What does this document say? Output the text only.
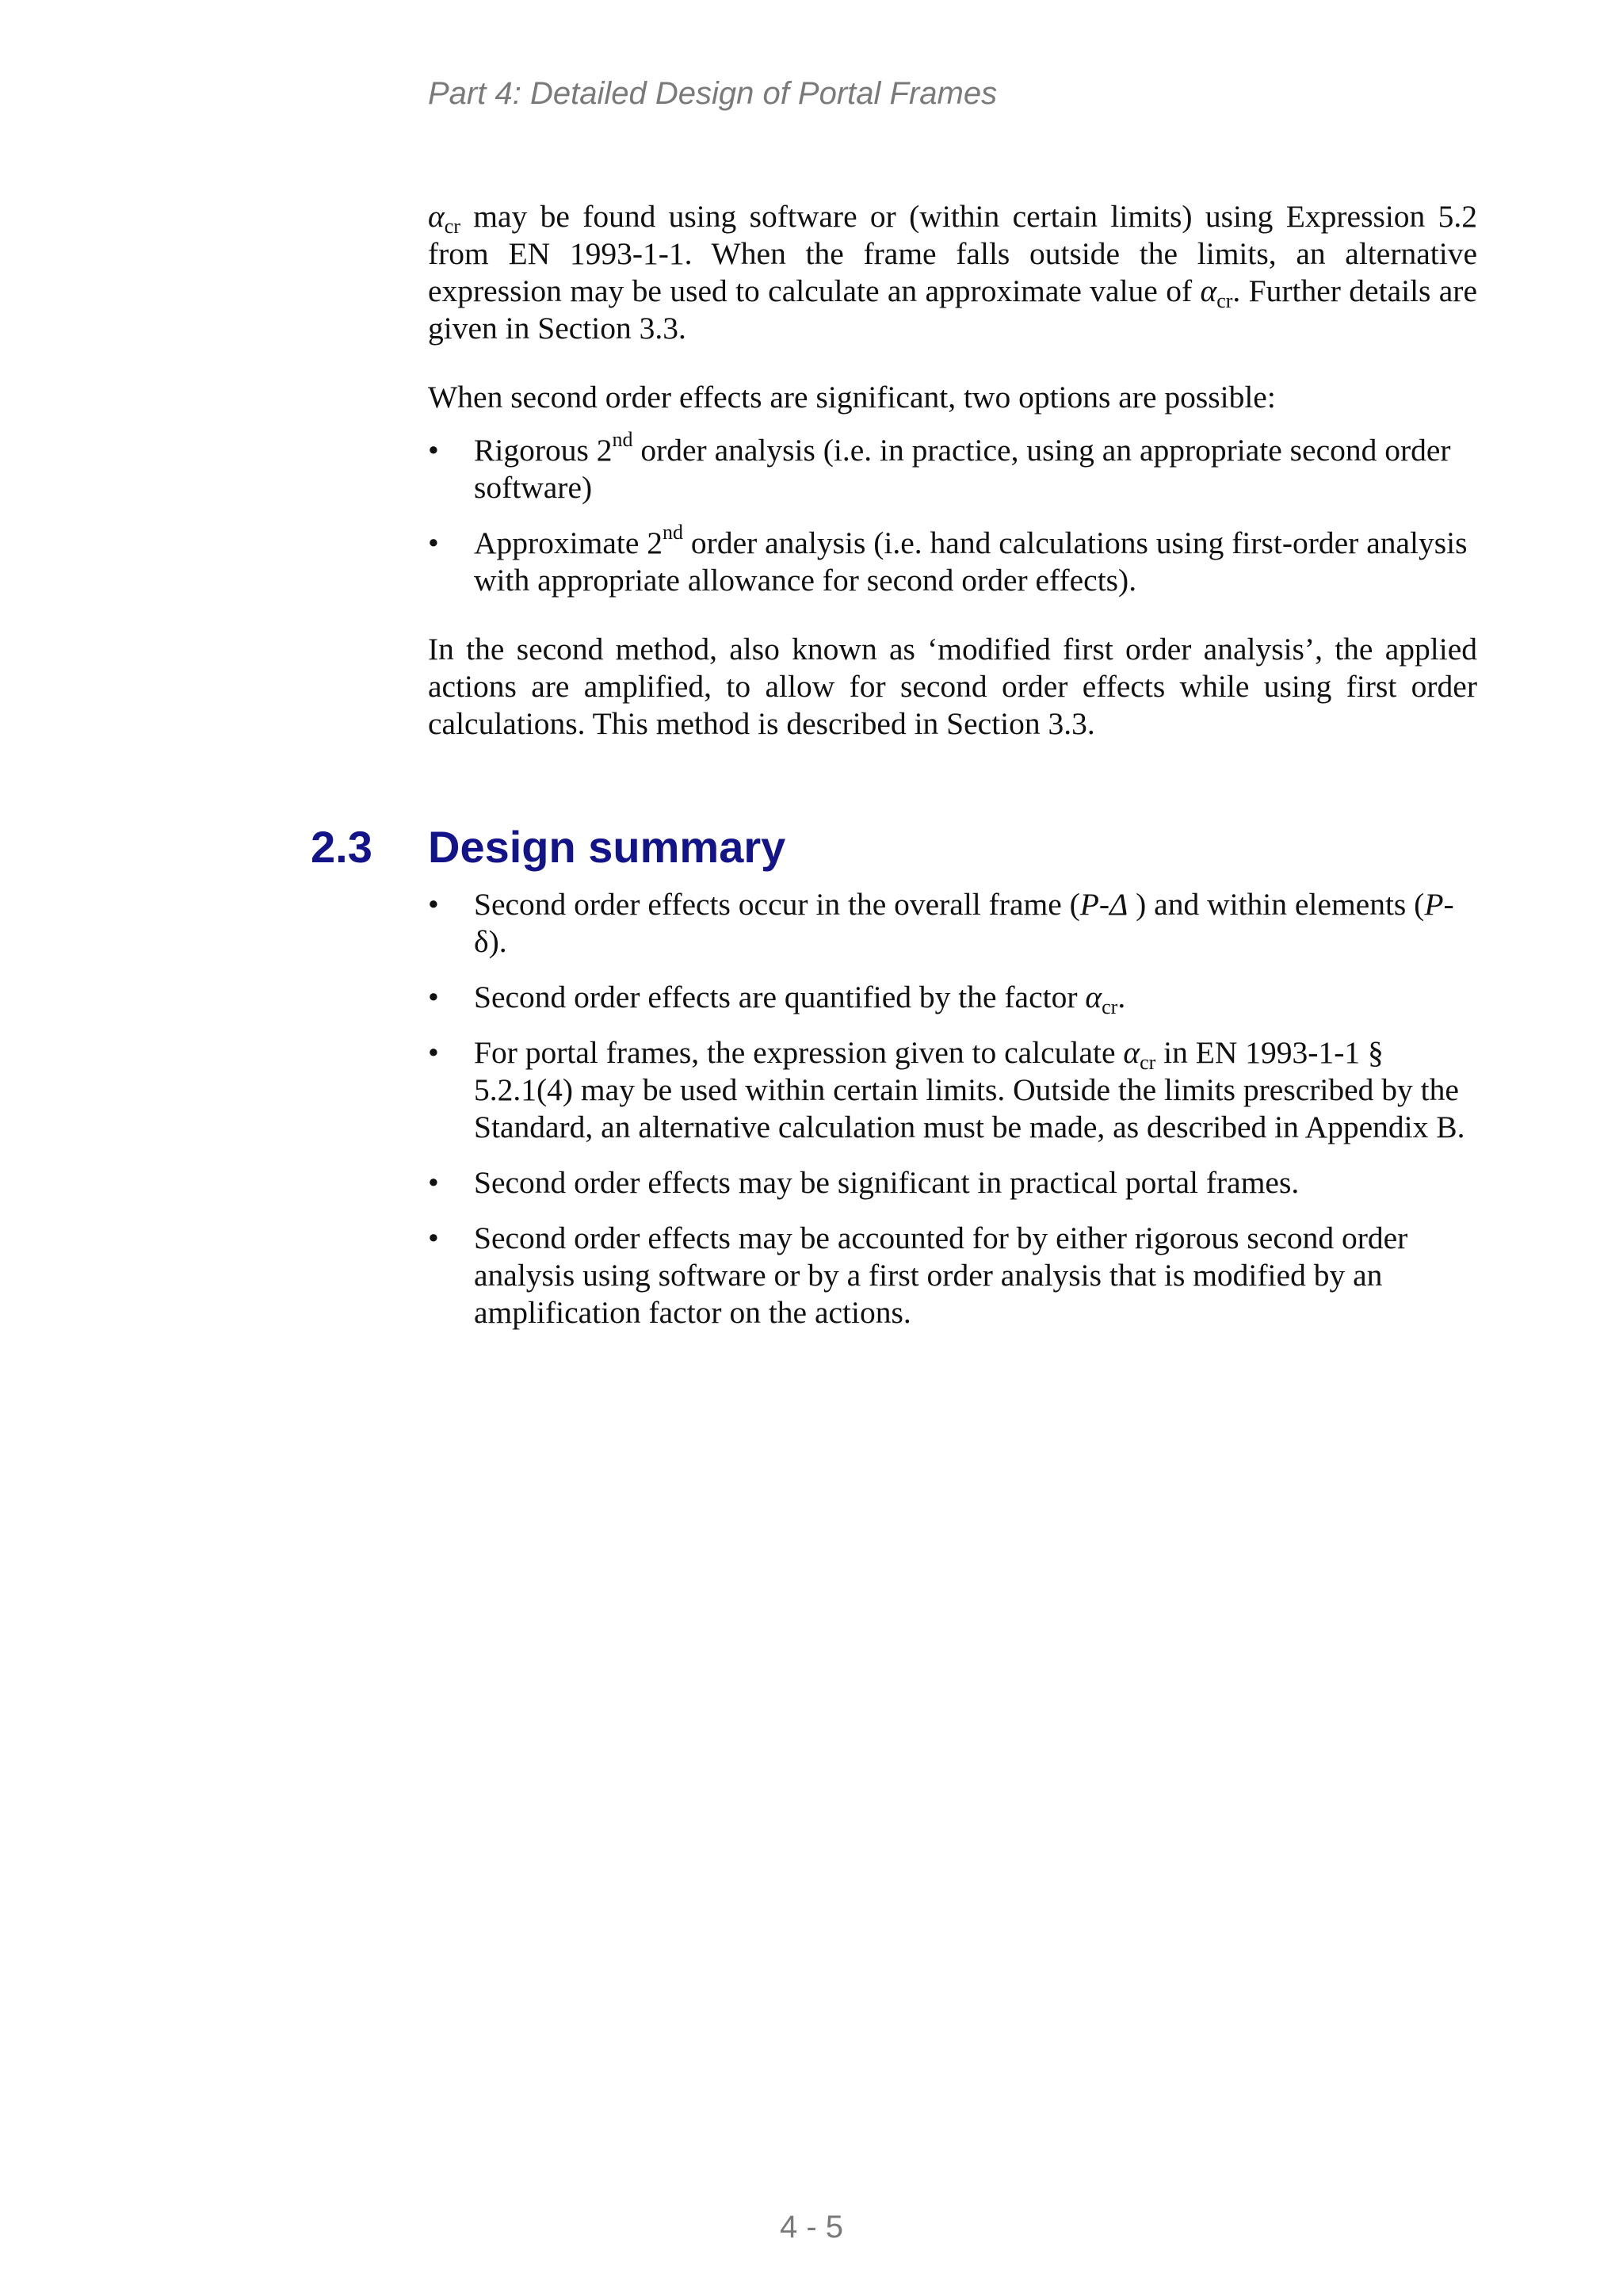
Part 4: Detailed Design of Portal Frames

$\alpha_{cr}$ may be found using software or (within certain limits) using Expression 5.2 from EN 1993-1-1. When the frame falls outside the limits, an alternative expression may be used to calculate an approximate value of $\alpha_{cr}$. Further details are given in Section 3.3.

When second order effects are significant, two options are possible:

• Rigorous 2nd order analysis (i.e. in practice, using an appropriate second order software)
• Approximate 2nd order analysis (i.e. hand calculations using first-order analysis with appropriate allowance for second order effects).

In the second method, also known as ‘modified first order analysis’, the applied actions are amplified, to allow for second order effects while using first order calculations. This method is described in Section 3.3.

2.3 Design summary
• Second order effects occur in the overall frame (P-Δ ) and within elements (P-δ).
• Second order effects are quantified by the factor $\alpha_{cr}$.
• For portal frames, the expression given to calculate $\alpha_{cr}$ in EN 1993-1-1 § 5.2.1(4) may be used within certain limits. Outside the limits prescribed by the Standard, an alternative calculation must be made, as described in Appendix B.
• Second order effects may be significant in practical portal frames.
• Second order effects may be accounted for by either rigorous second order analysis using software or by a first order analysis that is modified by an amplification factor on the actions.
4 - 5
